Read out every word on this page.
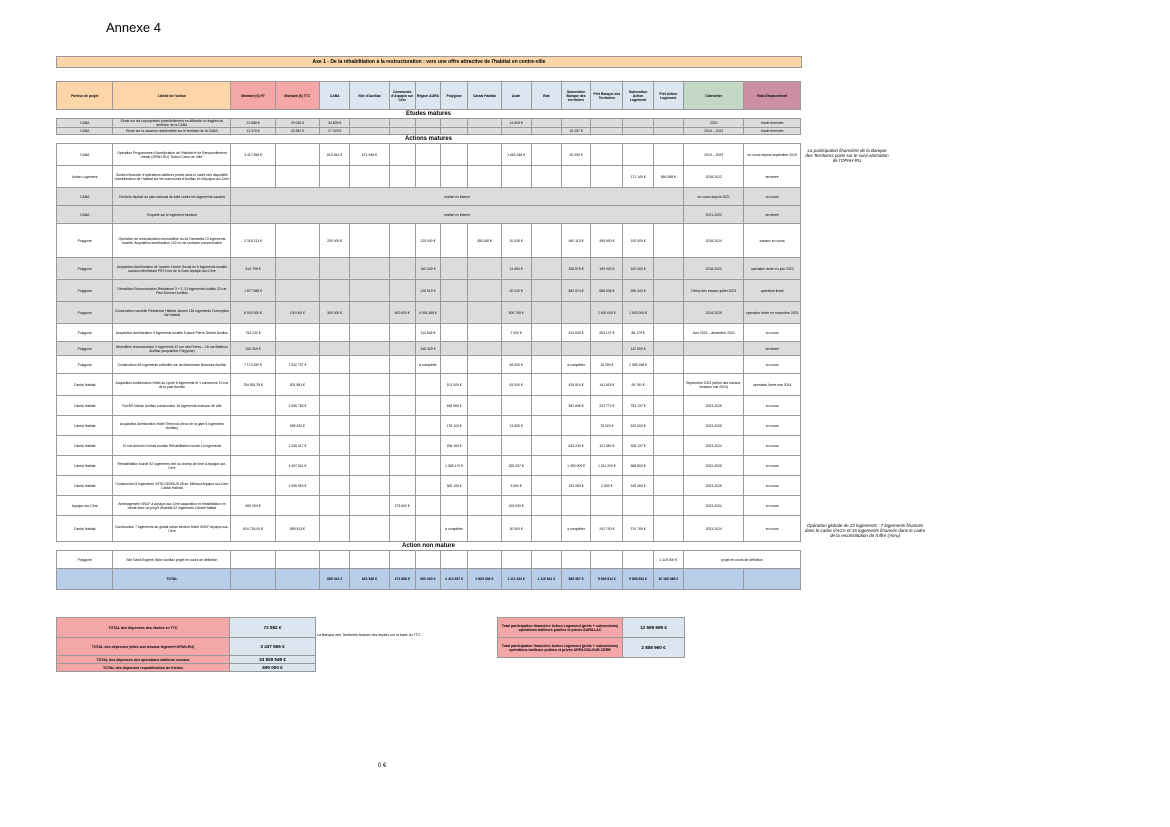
Annexe 4
Axe 1 - De la réhabilitation à la restructuration : vers une offre attractive de l'habitat en centre-ville
Porteur de projet	Libellé de l'action	Montant (€) HT	Montant (€) TTC	CABA	Ville d'Aurillac	Communes d'Arpajon sur Cère	Région AURA	Polygone	Cantal Habitat	Anah	Etat	Subvention Banque des territoires	Prêt Banque des Territoires	Subvention Action Logement	Prêt Action Logement	Calendrier	Etat d'avancement
Etudes matures																	
CABA	Etude sur les copropriétés potentiellement en difficulté ou fragiles du territoire de la CABA	21 688 €	29 026 €	34 805 €						14 805 €						2020	étude terminée
CABA	Etude sur la vacance résidentielle sur le territoire de la CABA	14 378 €	43 952 €	27 023 €								15 167 €				2016 – 2023	étude terminée
Actions matures																	
CABA	Opération Programmée d'Amélioration de l'Habitat et de Renouvellement Urbain (OPAH-RU) "Action Cœur de Ville"	3 417 556 €		613 561 €	671 546 €					1 652 448 €		30 000 €				2019 – 2023	en cours depuis septembre 2019
Action Logement	Soutien financier d'opérations bailleurs privés dans le cadre des dispositifs d'amélioration de l'habitat sur les communes d'Aurillac et d'Arpajon-sur-Cère													171 140 €	560 088 €	2018-2022	terminée
CABA	Territoire lauréat du plan national de lutte contre les logements vacants	réalisé en interne														en cours depuis 2021	en cours
CABA	Enquête sur le logement étudiant	réalisé en interne														2021-2022	terminée
Polygone	Opération de restructuration immobilière du lot Gambetta 13 logements locatifs. Acquisition amélioration 120 m² de surfaces commerciales	2 315 213 €		250 000 €			125 000 €		455 180 €	20 028 €		640 113 €	495 000 €	100 000 €		2018-2024	travaux en cours
Polygone	Acquisition Amélioration de l'ancien Centre Social en 6 logements locatifs sociaux bénéficiant PRI 3 rue de la Gare Arpajon-sur-Cère	614 798 €					160 000 €			14 654 €		308 879 €	159 000 €	100 000 €		2018-2023	opération livrée en juin 2023
Polygone	Démolition Reconstruction Résidence 3 + C 13 logements locatifs 22 rue Paul Doumer Aurillac	1 877 588 €					128 515 €			30 042 €		863 574 €	588 836 €	256 443 €		Début des travaux juillet 2023	opération livrée
Polygone	Construction nouvelle Résidence Habitat Jeunes 164 logements Conception Val Habitat	8 000 000 €	100 000 €	300 000 €		600 000 €	4 054 368 €			500 790 €			2 500 000 €	1 500 000 €		2024-2025	opération livrée en novembre 2023
Polygone	Acquisition Amélioration 4 logements locatifs 5 place Pierre Gerbet Aurillac	794 232 €					114 645 €			7 000 €		410 630 €	263 147 €	86 179 €		Juin 2023 – décembre 2024	en cours
Polygone	Démolition reconstruction 2 logements 12 rue des Frères – 16 rue Ballerou Aurillac (acquisition Polygone)	100 000 €					346 329 €							112 500 €			terminée
Polygone	Construction 46 logements collectifs rue de Marmiesse Beaunes Aurillac	7 173 280 €	7 942 797 €				à compléter			45 000 €		à compléter	18 250 €	2 989 268 €			en cours
Cantal Habitat	Acquisition Amélioration Hôtel du Lycée 6 logements et 1 commerce 10 rue de la paix Aurillac	754 951,25 €	831 851 €					101 000 €		63 000 €		426 514 €	141 618 €	99 761 €		Septembre 2023 (début des travaux, livraison mai 2024)	opération livrée mai 2024
Cantal Habitat	Rot 8/9 Valmic Aurillac construction 16 logements maisons de ville		2 945 763 €					448 960 €				982 846 €	223 772 €	753 137 €		2023-2025	en cours
Cantal Habitat	Acquisition Amélioration Hôtel Terminus (lieux de la gare 6 logements Aurillac)		598 532 €					178 103 €		13 500 €			78 923 €	329 503 €		2023-2025	en cours
Cantal Habitat	10 rue Antonin Dumas Aurillac Réhabilitation lourde 14 logements		1 245 317 €					206 163 €				643 230 €	121 550 €	208 137 €		2023-2024	en cours
Cantal Habitat	Réhabilitation lourde 52 logements cité du champ de foire à Arpajon-sur-Cère		4 497 511 €					1 365 170 €		325 297 €		1 090 000 €	1 011 200 €	688 803 €		2022-2025	en cours
Cantal Habitat	Construction 5 logements VSTA GENOUS 28 av. Milhaud Arpajon-sur-Cère Cantal Habitat		1 099 953 €					305 105 €		5 000 €		153 083 €	2 500 €	245 360 €		2023-2025	en cours
Arpajon-sur-Cère	Aménagement SNCF à Arpajon-sur-Cère acquisition et réhabilitation en mixité avec un projet d'habitat 22 logements Cantal Habitat	690 000 €				275 600 €				425 000 €						2023-2024	en cours
Cantal Habitat	Construction 7 logements au global urban secteur friche SNCF Arpajon-sur-Cère	624 735,00 €	859 513 €					à compléter		30 000 €		à compléter	202 700 €	374 760 €		2023-2024	en cours
Action non mature																	
Polygone	Site Saint-Eugène (fiche Aurillac projet en cours de définition														2 119 000 €	projet en cours de définition	
	TOTAL			669 041 €	821 546 €	274 868 €	600 000 €	4 413 637 €	2 809 036 €	1 111 344 €	1 119 841 €	585 367 €	5 609 512 €	5 669 891 €	10 165 088 €		
La participation financière de la Banque des Territoires porte sur le suivi-animation de l'OPAH-RU
Opération globale de 22 logements : 7 logements financés dans le cadre d'ACV et 15 logements financés dans le cadre de la reconstitution de l'offre (Anru)
TOTAL des dépenses des études en TTC	72 582 €
TOTAL des dépenses (dites aux travaux légèreté+OPAH-RU)	3 437 556 €
TOTAL des dépenses des opérations bailleurs sociaux	33 828 948 €
TOTAL des dépenses requalification de friches	690 000 €
La Banque des Territoires finance des études sur la base du TTC
Total participation financière Action Logement (prêts + subventions) opérations bailleurs publics et privés AURILLAC	12 599 999 €
Total participation financière Action Logement (prêts + subventions) opérations bailleurs publics et privés ARPAJON-SUR-CERE	2 808 960 €
0 €
